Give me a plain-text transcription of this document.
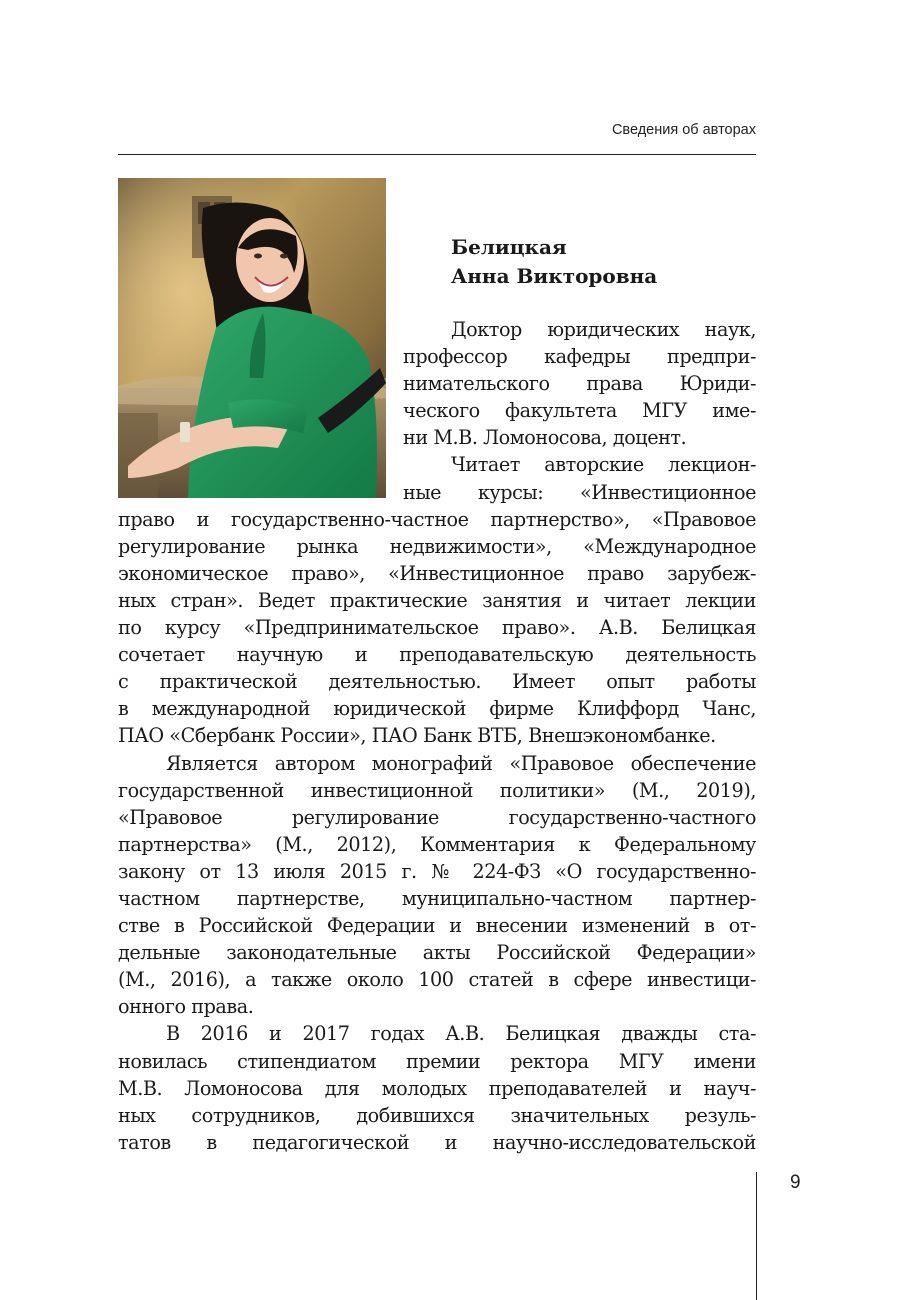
Сведения об авторах
Белицкая
Анна Викторовна
Доктор юридических наук,
профессор кафедры предпри-
нимательского права Юриди-
ческого факультета МГУ име-
ни М.В. Ломоносова, доцент.
Читает авторские лекцион-
ные курсы: «Инвестиционное
право и государственно-частное партнерство», «Правовое
регулирование рынка недвижимости», «Международное
экономическое право», «Инвестиционное право зарубеж-
ных стран». Ведет практические занятия и читает лекции
по курсу «Предпринимательское право». А.В. Белицкая
сочетает научную и преподавательскую деятельность
с практической деятельностью. Имеет опыт работы
в международной юридической фирме Клиффорд Чанс,
ПАО «Сбербанк России», ПАО Банк ВТБ, Внешэкономбанке.
Является автором монографий «Правовое обеспечение
государственной инвестиционной политики» (М., 2019),
«Правовое регулирование государственно-частного
партнерства» (М., 2012), Комментария к Федеральному
закону от 13 июля 2015 г. № 224-ФЗ «О государственно-
частном партнерстве, муниципально-частном партнер-
стве в Российской Федерации и внесении изменений в от-
дельные законодательные акты Российской Федерации»
(М., 2016), а также около 100 статей в сфере инвестици-
онного права.
В 2016 и 2017 годах А.В. Белицкая дважды ста-
новилась стипендиатом премии ректора МГУ имени
М.В. Ломоносова для молодых преподавателей и науч-
ных сотрудников, добившихся значительных резуль-
татов в педагогической и научно-исследовательской
9
